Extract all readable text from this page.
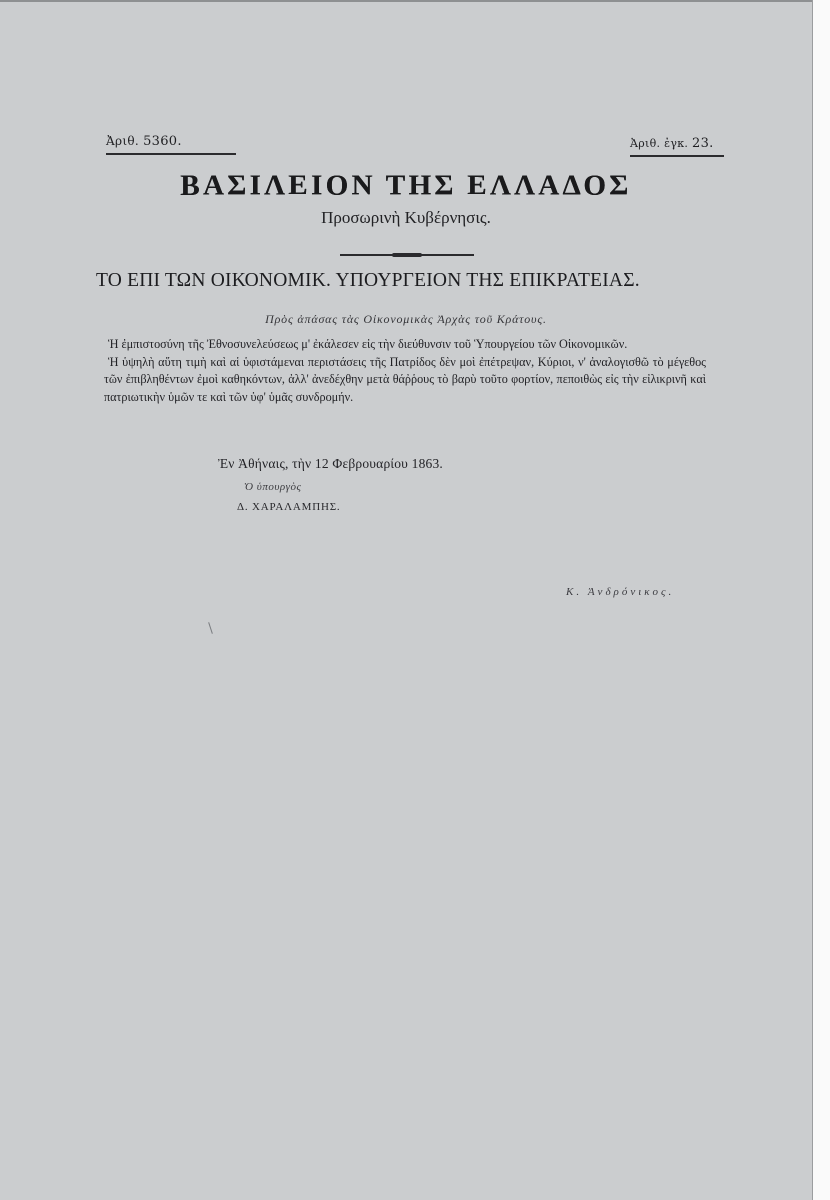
Ἀριθ. 5360.	Ἀριθ. ἐγκ. 23.
ΒΑΣΙΛΕΙΟΝ ΤΗΣ ΕΛΛΑΔΟΣ
Προσωρινὴ Κυβέρνησις.
ΤΟ ΕΠΙ ΤΩΝ ΟΙΚΟΝΟΜΙΚ. ΥΠΟΥΡΓΕΙΟΝ ΤΗΣ ΕΠΙΚΡΑΤΕΙΑΣ.
Πρὸς ἁπάσας τὰς Οἰκονομικὰς Ἀρχὰς τοῦ Κράτους.

Ἡ ἐμπιστοσύνη τῆς Ἐθνοσυνελεύσεως μ' ἐκάλεσεν εἰς τὴν διεύθυνσιν τοῦ Ὑπουργείου τῶν Οἰκονομικῶν.

Ἡ ὑψηλὴ αὕτη τιμὴ καὶ αἱ ὑφιστάμεναι περιστάσεις τῆς Πατρίδος δὲν μοὶ ἐπέτρεψαν, Κύριοι, ν' ἀναλογισθῶ τὸ μέγεθος τῶν ἐπιβληθέντων ἐμοὶ καθηκόντων, ἀλλ' ἀνεδέχθην μετὰ θάῤῥους τὸ βαρὺ τοῦτο φορτίον, πεποιθὼς εἰς τὴν εἰλικρινῆ καὶ πατριωτικὴν ὑμῶν τε καὶ τῶν ὑφ' ὑμᾶς συνδρομήν.

Ἐν Ἀθήναις, τὴν 12 Φεβρουαρίου 1863.
Ὁ ὑπουργὸς
Δ. ΧΑΡΑΛΑΜΠΗΣ.
Κ. Ἀνδρόνικος.
